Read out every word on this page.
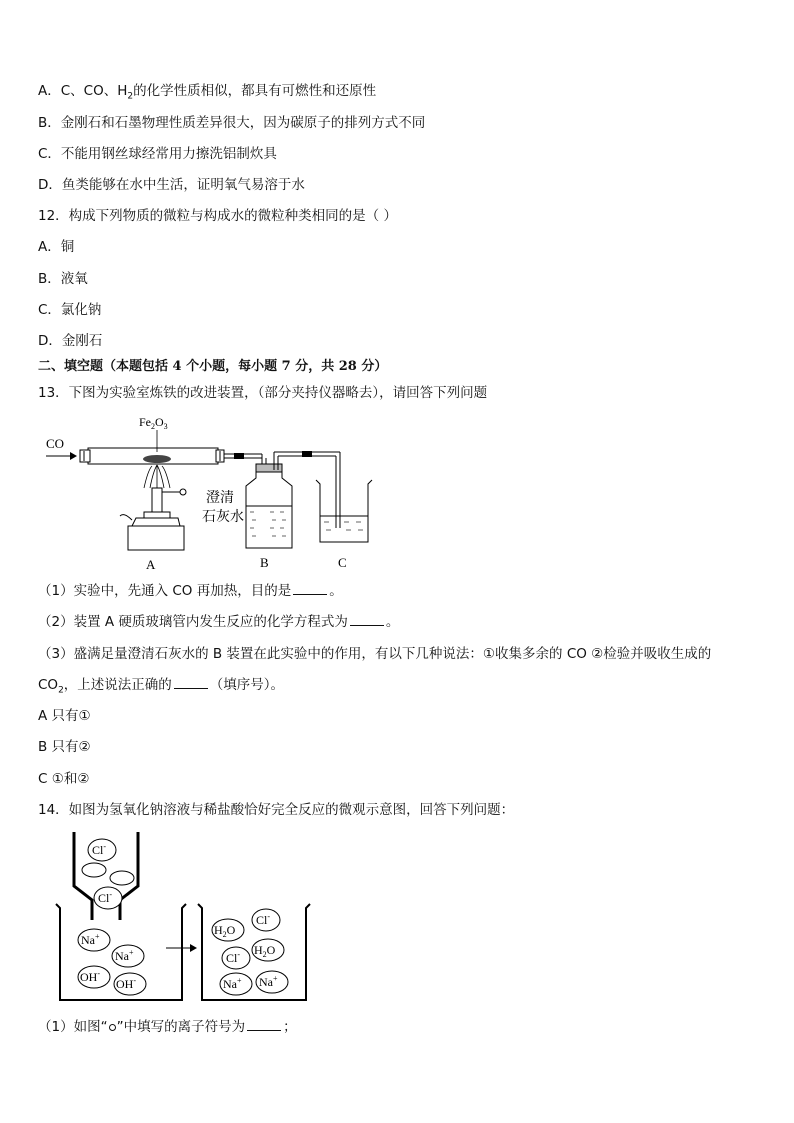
A．C、CO、$H_2$的化学性质相似，都具有可燃性和还原性
B．金刚石和石墨物理性质差异很大，因为碳原子的排列方式不同
C．不能用钢丝球经常用力擦洗铝制炊具
D．鱼类能够在水中生活，证明氧气易溶于水
12．构成下列物质的微粒与构成水的微粒种类相同的是（ ）
A．铜
B．液氧
C．氯化钠
D．金刚石
二、填空题（本题包括 4 个小题，每小题 7 分，共 28 分）
13．下图为实验室炼铁的改进装置，（部分夹持仪器略去），请回答下列问题
CO
$Fe_2O_3$
澄清
石灰水
A	B	C
（1）实验中，先通入 CO 再加热，目的是	。
（2）装置 A 硬质玻璃管内发生反应的化学方程式为	。
（3）盛满足量澄清石灰水的 B 装置在此实验中的作用，有以下几种说法：①收集多余的 CO ②检验并吸收生成的
$CO_2$，上述说法正确的	（填序号）。
A 只有①
B 只有②
C ①和②
14．如图为氢氧化钠溶液与稀盐酸恰好完全反应的微观示意图，回答下列问题：
Cl-
Cl-
Na+
Na+
OH-
OH-
$H_2O$
Cl-
$H_2O$
Cl-
Na+ Na+
（1）如图“ ”中填写的离子符号为	；
